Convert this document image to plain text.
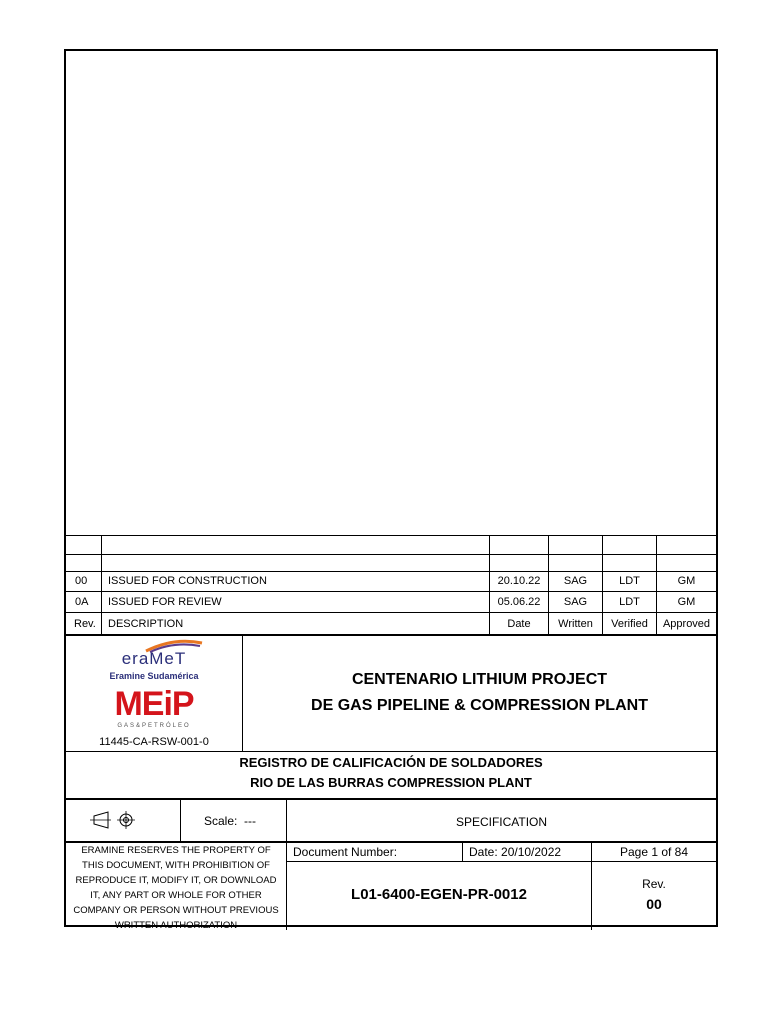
00 ISSUED FOR CONSTRUCTION	20.10.22	SAG	LDT	GM
0A ISSUED FOR REVIEW	05.06.22	SAG	LDT	GM
Rev. DESCRIPTION	Date	Written	Verified	Approved
eraMeT
Eramine Sudamérica
MEiP
GAS&PETRÓLEO
11445-CA-RSW-001-0
CENTENARIO LITHIUM PROJECT
DE GAS PIPELINE & COMPRESSION PLANT
REGISTRO DE CALIFICACIÓN DE SOLDADORES
RIO DE LAS BURRAS COMPRESSION PLANT
Scale: ---	SPECIFICATION
ERAMINE RESERVES THE PROPERTY OF THIS DOCUMENT, WITH PROHIBITION OF REPRODUCE IT, MODIFY IT, OR DOWNLOAD IT, ANY PART OR WHOLE FOR OTHER COMPANY OR PERSON WITHOUT PREVIOUS WRITTEN AUTHORIZATION
Document Number:	Date: 20/10/2022	Page 1 of 84
L01-6400-EGEN-PR-0012
Rev.
00
